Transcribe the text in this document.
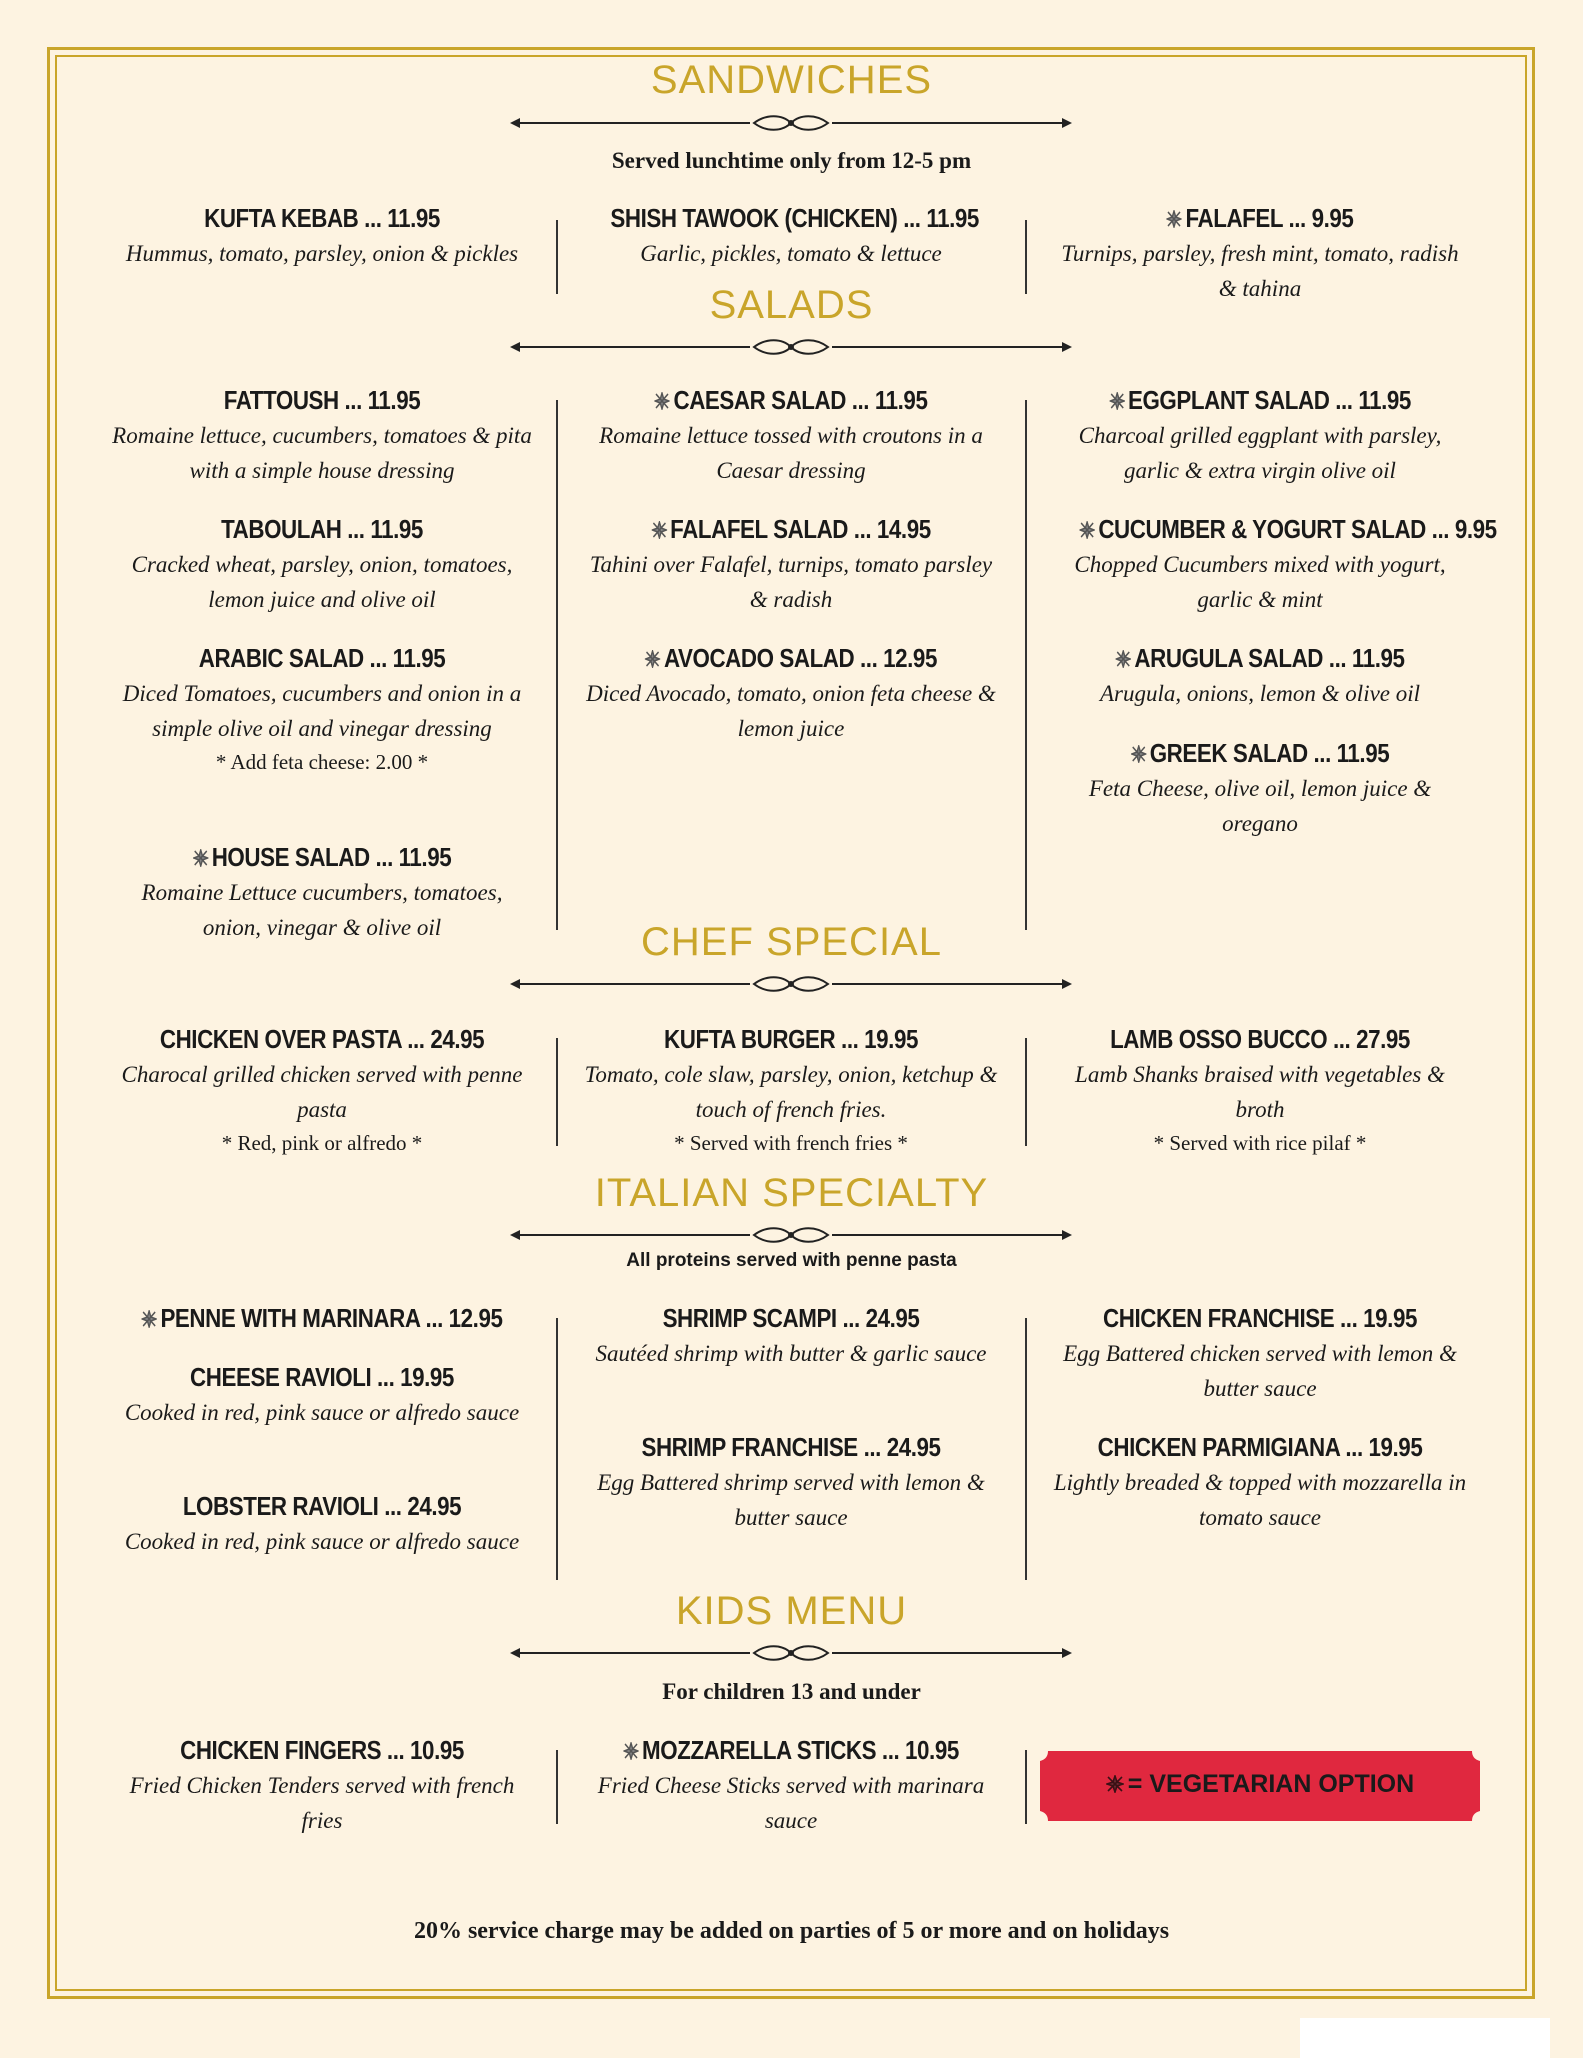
SANDWICHES
Served lunchtime only from 12-5 pm
KUFTA KEBAB ... 11.95
Hummus, tomato, parsley, onion & pickles
SHISH TAWOOK (CHICKEN) ... 11.95
Garlic, pickles, tomato & lettuce
FALAFEL ... 9.95
Turnips, parsley, fresh mint, tomato, radish & tahina
SALADS
FATTOUSH ... 11.95
Romaine lettuce, cucumbers, tomatoes & pita with a simple house dressing
TABOULAH ... 11.95
Cracked wheat, parsley, onion, tomatoes, lemon juice and olive oil
ARABIC SALAD ... 11.95
Diced Tomatoes, cucumbers and onion in a simple olive oil and vinegar dressing
* Add feta cheese: 2.00 *
HOUSE SALAD ... 11.95
Romaine Lettuce cucumbers, tomatoes, onion, vinegar & olive oil
CAESAR SALAD ... 11.95
Romaine lettuce tossed with croutons in a Caesar dressing
FALAFEL SALAD ... 14.95
Tahini over Falafel, turnips, tomato parsley & radish
AVOCADO SALAD ... 12.95
Diced Avocado, tomato, onion feta cheese & lemon juice
EGGPLANT SALAD ... 11.95
Charcoal grilled eggplant with parsley, garlic & extra virgin olive oil
CUCUMBER & YOGURT SALAD ... 9.95
Chopped Cucumbers mixed with yogurt, garlic & mint
ARUGULA SALAD ... 11.95
Arugula, onions, lemon & olive oil
GREEK SALAD ... 11.95
Feta Cheese, olive oil, lemon juice & oregano
CHEF SPECIAL
CHICKEN OVER PASTA ... 24.95
Charocal grilled chicken served with penne pasta
* Red, pink or alfredo *
KUFTA BURGER ... 19.95
Tomato, cole slaw, parsley, onion, ketchup & touch of french fries.
* Served with french fries *
LAMB OSSO BUCCO ... 27.95
Lamb Shanks braised with vegetables & broth
* Served with rice pilaf *
ITALIAN SPECIALTY
All proteins served with penne pasta
PENNE WITH MARINARA ... 12.95
CHEESE RAVIOLI ... 19.95
Cooked in red, pink sauce or alfredo sauce
LOBSTER RAVIOLI ... 24.95
Cooked in red, pink sauce or alfredo sauce
SHRIMP SCAMPI ... 24.95
Sautéed shrimp with butter & garlic sauce
SHRIMP FRANCHISE ... 24.95
Egg Battered shrimp served with lemon & butter sauce
CHICKEN FRANCHISE ... 19.95
Egg Battered chicken served with lemon & butter sauce
CHICKEN PARMIGIANA ... 19.95
Lightly breaded & topped with mozzarella in tomato sauce
KIDS MENU
For children 13 and under
CHICKEN FINGERS ... 10.95
Fried Chicken Tenders served with french fries
MOZZARELLA STICKS ... 10.95
Fried Cheese Sticks served with marinara sauce
= VEGETARIAN OPTION
20% service charge may be added on parties of 5 or more and on holidays
